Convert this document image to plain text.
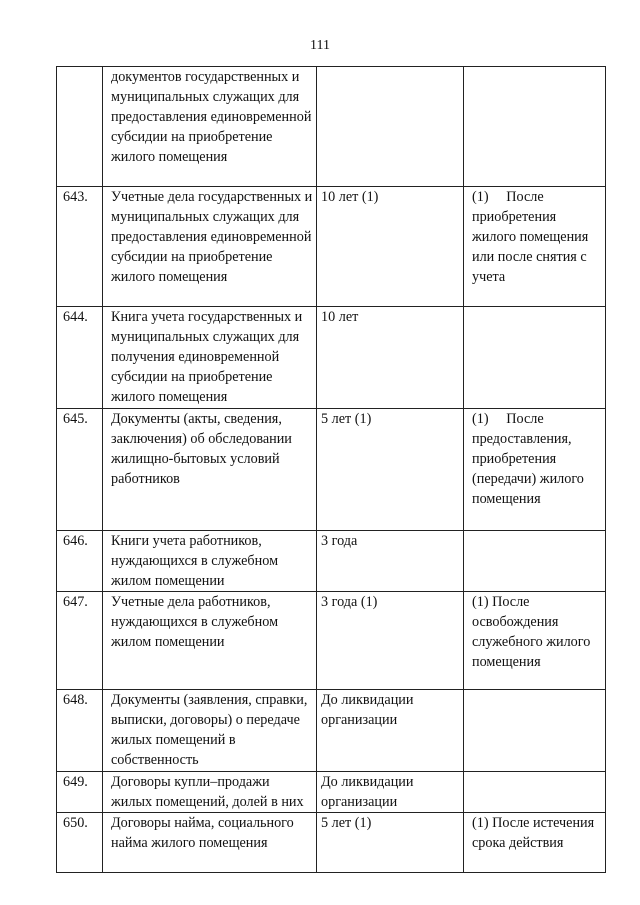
111
	документов государственных и муниципальных служащих для предоставления единовременной субсидии на приобретение жилого помещения		

643.	Учетные дела государственных и муниципальных служащих для предоставления единовременной субсидии на приобретение жилого помещения	10 лет (1)	(1)     После приобретения жилого помещения или после снятия с учета

644.	Книга учета государственных и муниципальных служащих для получения единовременной субсидии на приобретение жилого помещения	10 лет	

645.	Документы (акты, сведения, заключения) об обследовании жилищно-бытовых условий работников	5 лет (1)	(1)     После предоставления, приобретения (передачи) жилого помещения

646.	Книги учета работников, нуждающихся в служебном жилом помещении	3 года	

647.	Учетные дела работников, нуждающихся в служебном жилом помещении	3 года (1)	(1) После освобождения служебного жилого помещения

648.	Документы (заявления, справки, выписки, договоры) о передаче жилых помещений в собственность	До ликвидации организации	

649.	Договоры купли–продажи жилых помещений, долей в них	До ликвидации организации	

650.	Договоры найма, социального найма жилого помещения	5 лет (1)	(1) После истечения срока действия
